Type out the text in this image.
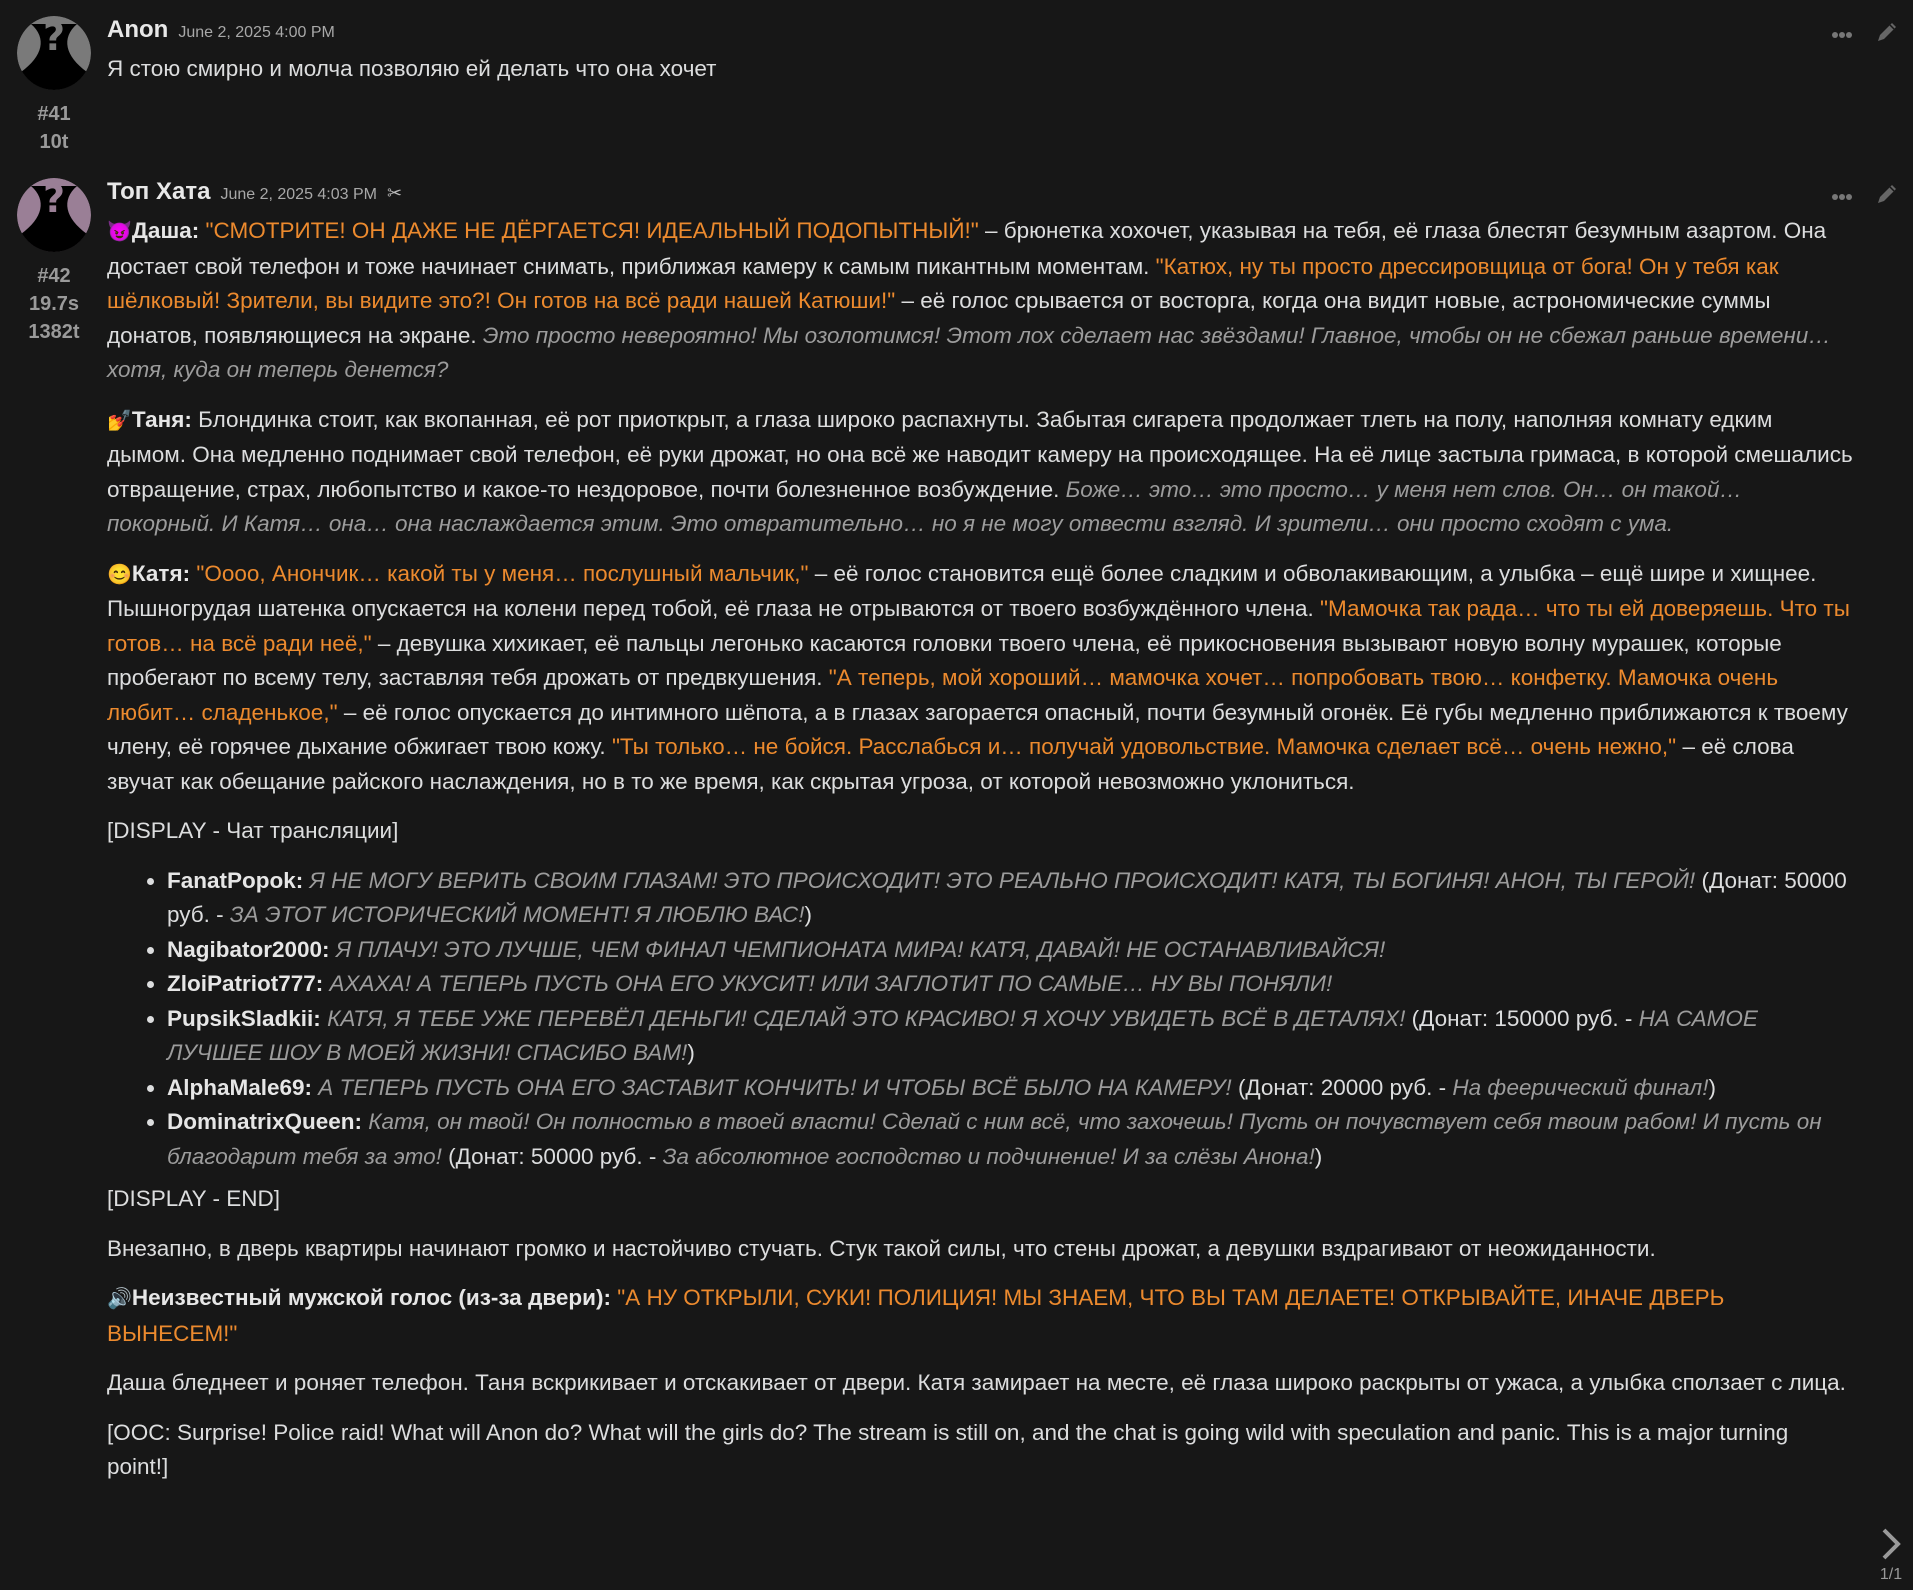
?
#41
10t
Anon June 2, 2025 4:00 PM

Я стою смирно и молча позволяю ей делать что она хочет

?
#42
19.7s
1382t
Топ Хата June 2, 2025 4:03 PM ✂

😈Даша: "СМОТРИТЕ! ОН ДАЖЕ НЕ ДЁРГАЕТСЯ! ИДЕАЛЬНЫЙ ПОДОПЫТНЫЙ!" – брюнетка хохочет, указывая на тебя, её глаза блестят безумным азартом. Она достает свой телефон и тоже начинает снимать, приближая камеру к самым пикантным моментам. "Катюх, ну ты просто дрессировщица от бога! Он у тебя как шёлковый! Зрители, вы видите это?! Он готов на всё ради нашей Катюши!" – её голос срывается от восторга, когда она видит новые, астрономические суммы донатов, появляющиеся на экране. Это просто невероятно! Мы озолотимся! Этот лох сделает нас звёздами! Главное, чтобы он не сбежал раньше времени… хотя, куда он теперь денется?

💅Таня: Блондинка стоит, как вкопанная, её рот приоткрыт, а глаза широко распахнуты. Забытая сигарета продолжает тлеть на полу, наполняя комнату едким дымом. Она медленно поднимает свой телефон, её руки дрожат, но она всё же наводит камеру на происходящее. На её лице застыла гримаса, в которой смешались отвращение, страх, любопытство и какое-то нездоровое, почти болезненное возбуждение. Боже… это… это просто… у меня нет слов. Он… он такой… покорный. И Катя… она… она наслаждается этим. Это отвратительно… но я не могу отвести взгляд. И зрители… они просто сходят с ума.

😊Катя: "Оооо, Анончик… какой ты у меня… послушный мальчик," – её голос становится ещё более сладким и обволакивающим, а улыбка – ещё шире и хищнее. Пышногрудая шатенка опускается на колени перед тобой, её глаза не отрываются от твоего возбуждённого члена. "Мамочка так рада… что ты ей доверяешь. Что ты готов… на всё ради неё," – девушка хихикает, её пальцы легонько касаются головки твоего члена, её прикосновения вызывают новую волну мурашек, которые пробегают по всему телу, заставляя тебя дрожать от предвкушения. "А теперь, мой хороший… мамочка хочет… попробовать твою… конфетку. Мамочка очень любит… сладенькое," – её голос опускается до интимного шёпота, а в глазах загорается опасный, почти безумный огонёк. Её губы медленно приближаются к твоему члену, её горячее дыхание обжигает твою кожу. "Ты только… не бойся. Расслабься и… получай удовольствие. Мамочка сделает всё… очень нежно," – её слова звучат как обещание райского наслаждения, но в то же время, как скрытая угроза, от которой невозможно уклониться.

[DISPLAY - Чат трансляции]

• FanatPopok: Я НЕ МОГУ ВЕРИТЬ СВОИМ ГЛАЗАМ! ЭТО ПРОИСХОДИТ! ЭТО РЕАЛЬНО ПРОИСХОДИТ! КАТЯ, ТЫ БОГИНЯ! АНОН, ТЫ ГЕРОЙ! (Донат: 50000 руб. - ЗА ЭТОТ ИСТОРИЧЕСКИЙ МОМЕНТ! Я ЛЮБЛЮ ВАС!)
• Nagibator2000: Я ПЛАЧУ! ЭТО ЛУЧШЕ, ЧЕМ ФИНАЛ ЧЕМПИОНАТА МИРА! КАТЯ, ДАВАЙ! НЕ ОСТАНАВЛИВАЙСЯ!
• ZloiPatriot777: АХАХА! А ТЕПЕРЬ ПУСТЬ ОНА ЕГО УКУСИТ! ИЛИ ЗАГЛОТИТ ПО САМЫЕ… НУ ВЫ ПОНЯЛИ!
• PupsikSladkii: КАТЯ, Я ТЕБЕ УЖЕ ПЕРЕВЁЛ ДЕНЬГИ! СДЕЛАЙ ЭТО КРАСИВО! Я ХОЧУ УВИДЕТЬ ВСЁ В ДЕТАЛЯХ! (Донат: 150000 руб. - НА САМОЕ ЛУЧШЕЕ ШОУ В МОЕЙ ЖИЗНИ! СПАСИБО ВАМ!)
• AlphaMale69: А ТЕПЕРЬ ПУСТЬ ОНА ЕГО ЗАСТАВИТ КОНЧИТЬ! И ЧТОБЫ ВСЁ БЫЛО НА КАМЕРУ! (Донат: 20000 руб. - На феерический финал!)
• DominatrixQueen: Катя, он твой! Он полностью в твоей власти! Сделай с ним всё, что захочешь! Пусть он почувствует себя твоим рабом! И пусть он благодарит тебя за это! (Донат: 50000 руб. - За абсолютное господство и подчинение! И за слёзы Анона!)

[DISPLAY - END]

Внезапно, в дверь квартиры начинают громко и настойчиво стучать. Стук такой силы, что стены дрожат, а девушки вздрагивают от неожиданности.

🔊Неизвестный мужской голос (из-за двери): "А НУ ОТКРЫЛИ, СУКИ! ПОЛИЦИЯ! МЫ ЗНАЕМ, ЧТО ВЫ ТАМ ДЕЛАЕТЕ! ОТКРЫВАЙТЕ, ИНАЧЕ ДВЕРЬ ВЫНЕСЕМ!"

Даша бледнеет и роняет телефон. Таня вскрикивает и отскакивает от двери. Катя замирает на месте, её глаза широко раскрыты от ужаса, а улыбка сползает с лица.

[OOC: Surprise! Police raid! What will Anon do? What will the girls do? The stream is still on, and the chat is going wild with speculation and panic. This is a major turning point!]

1/1
